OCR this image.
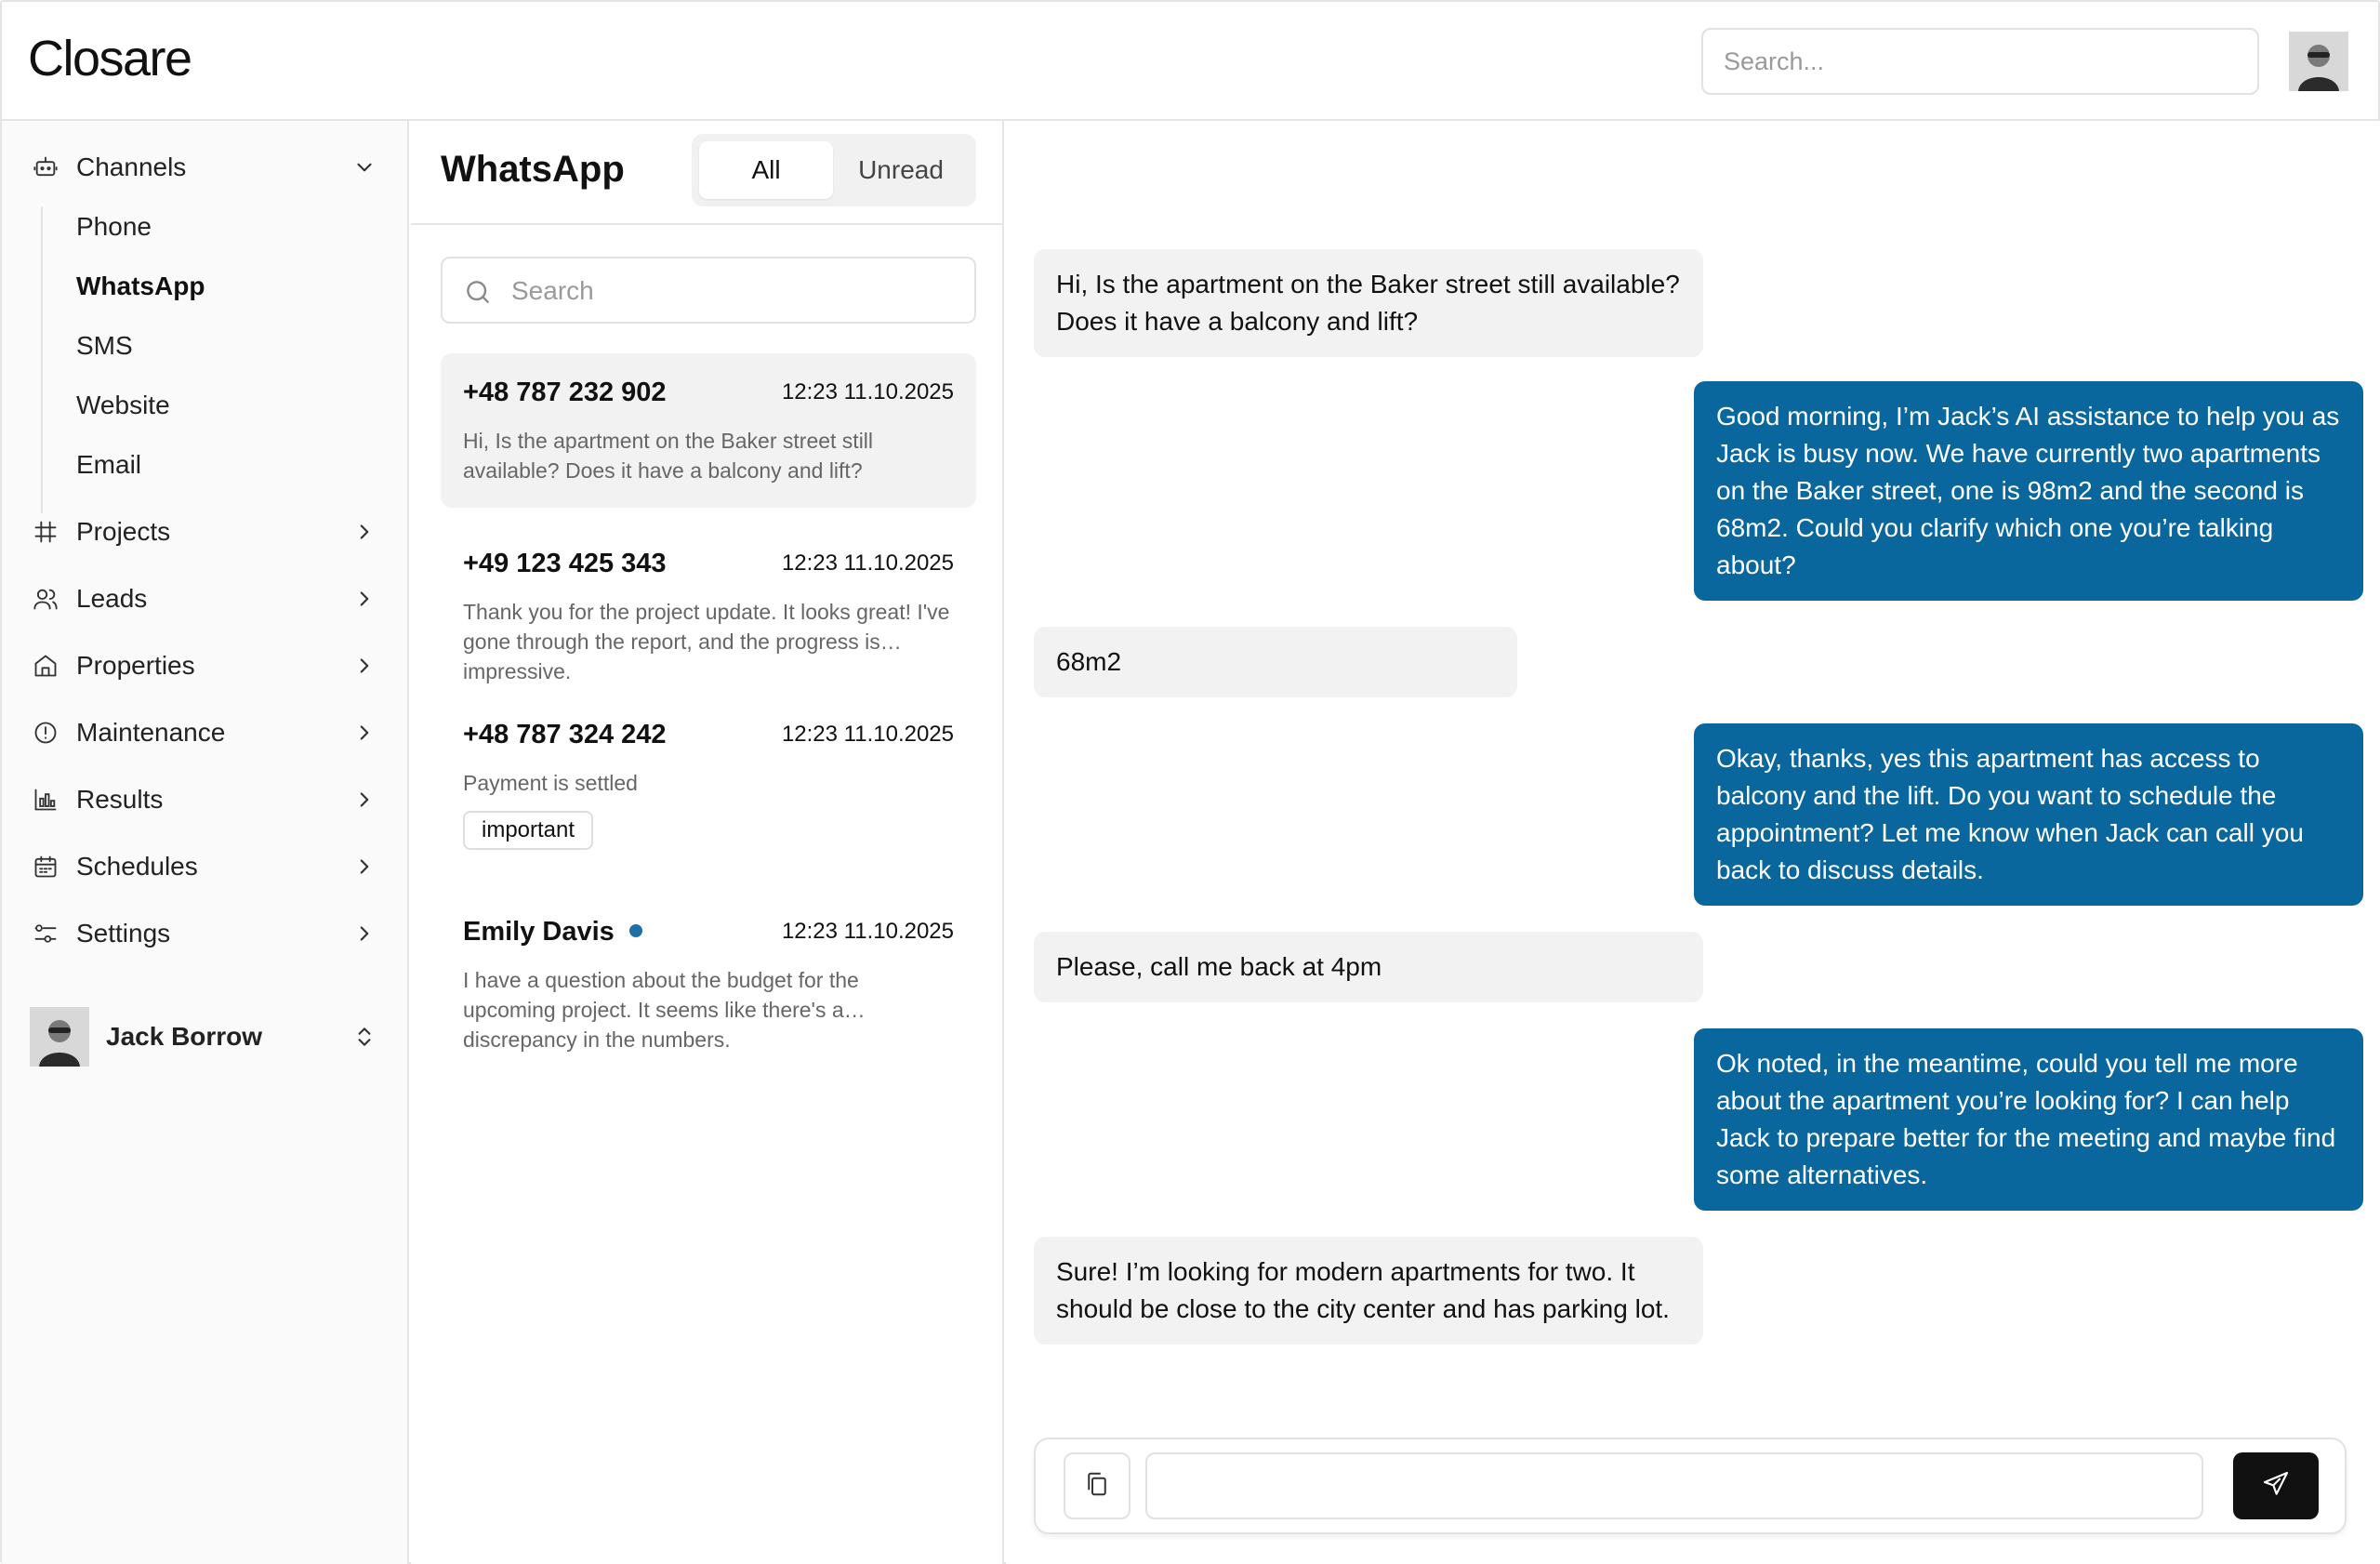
Closare
Search...
Channels
Phone
WhatsApp
SMS
Website
Email
Projects
Leads
Properties
Maintenance
Results
Schedules
Settings
Jack Borrow
WhatsApp	All	Unread
Search
+48 787 232 902	12:23 11.10.2025
Hi, Is the apartment on the Baker street still available? Does it have a balcony and lift?
+49 123 425 343	12:23 11.10.2025
Thank you for the project update. It looks great! I've gone through the report, and the progress is impressive.
+48 787 324 242	12:23 11.10.2025
Payment is settled
important
Emily Davis	12:23 11.10.2025
I have a question about the budget for the upcoming project. It seems like there's a discrepancy in the numbers.
Hi, Is the apartment on the Baker street still available? Does it have a balcony and lift?
Good morning, I’m Jack’s AI assistance to help you as Jack is busy now. We have currently two apartments on the Baker street, one is 98m2 and the second is 68m2. Could you clarify which one you’re talking about?
68m2
Okay, thanks, yes this apartment has access to balcony and the lift. Do you want to schedule the appointment? Let me know when Jack can call you back to discuss details.
Please, call me back at 4pm
Ok noted, in the meantime, could you tell me more about the apartment you’re looking for? I can help Jack to prepare better for the meeting and maybe find some alternatives.
Sure! I’m looking for modern apartments for two. It should be close to the city center and has parking lot.
